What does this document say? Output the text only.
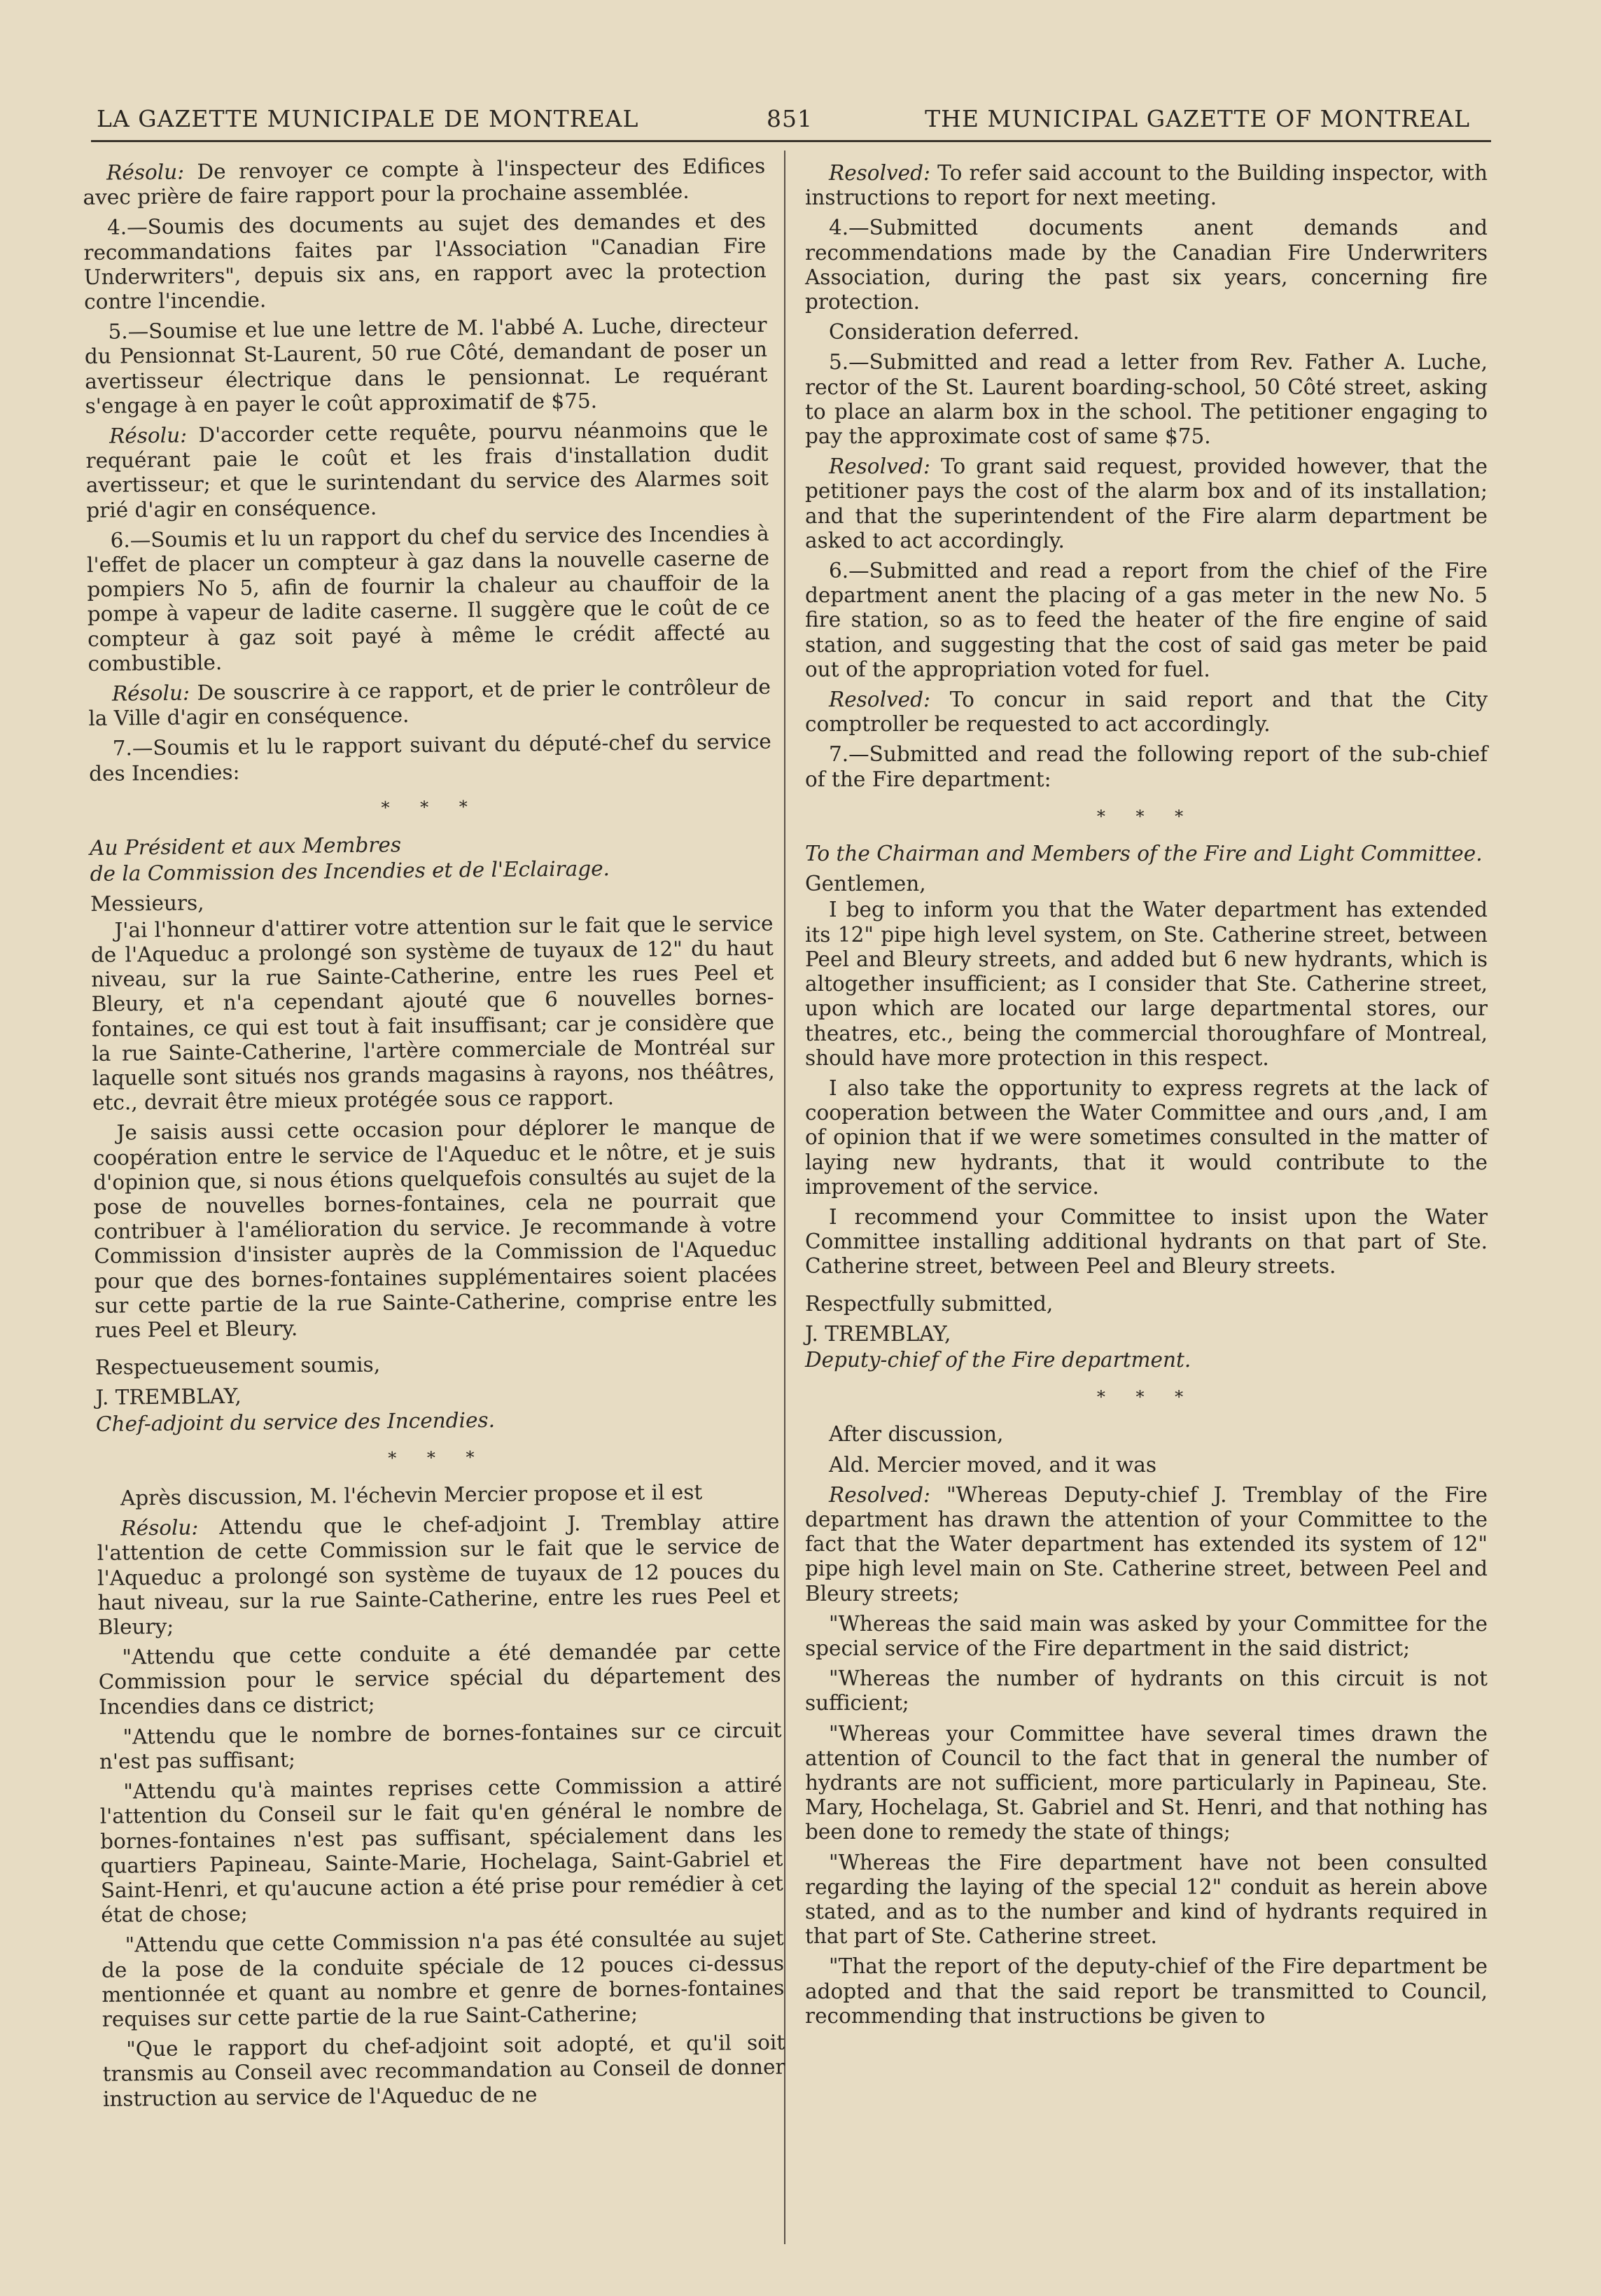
LA GAZETTE MUNICIPALE DE MONTREAL	851	THE MUNICIPAL GAZETTE OF MONTREAL

Résolu: De renvoyer ce compte à l'inspecteur des Edifices avec prière de faire rapport pour la prochaine assemblée.

4.—Soumis des documents au sujet des demandes et des recommandations faites par l'Association "Canadian Fire Underwriters", depuis six ans, en rapport avec la protection contre l'incendie.

5.—Soumise et lue une lettre de M. l'abbé A. Luche, directeur du Pensionnat St-Laurent, 50 rue Côté, demandant de poser un avertisseur électrique dans le pensionnat. Le requérant s'engage à en payer le coût approximatif de $75.

Résolu: D'accorder cette requête, pourvu néanmoins que le requérant paie le coût et les frais d'installation dudit avertisseur; et que le surintendant du service des Alarmes soit prié d'agir en conséquence.

6.—Soumis et lu un rapport du chef du service des Incendies à l'effet de placer un compteur à gaz dans la nouvelle caserne de pompiers No 5, afin de fournir la chaleur au chauffoir de la pompe à vapeur de ladite caserne. Il suggère que le coût de ce compteur à gaz soit payé à même le crédit affecté au combustible.

Résolu: De souscrire à ce rapport, et de prier le contrôleur de la Ville d'agir en conséquence.

7.—Soumis et lu le rapport suivant du député-chef du service des Incendies:

* * *

Au Président et aux Membres

de la Commission des Incendies et de l'Eclairage.

Messieurs,

J'ai l'honneur d'attirer votre attention sur le fait que le service de l'Aqueduc a prolongé son système de tuyaux de 12" du haut niveau, sur la rue Sainte-Catherine, entre les rues Peel et Bleury, et n'a cependant ajouté que 6 nouvelles bornes-fontaines, ce qui est tout à fait insuffisant; car je considère que la rue Sainte-Catherine, l'artère commerciale de Montréal sur laquelle sont situés nos grands magasins à rayons, nos théâtres, etc., devrait être mieux protégée sous ce rapport.

Je saisis aussi cette occasion pour déplorer le manque de coopération entre le service de l'Aqueduc et le nôtre, et je suis d'opinion que, si nous étions quelquefois consultés au sujet de la pose de nouvelles bornes-fontaines, cela ne pourrait que contribuer à l'amélioration du service. Je recommande à votre Commission d'insister auprès de la Commission de l'Aqueduc pour que des bornes-fontaines supplémentaires soient placées sur cette partie de la rue Sainte-Catherine, comprise entre les rues Peel et Bleury.

Respectueusement soumis,

J. TREMBLAY,

Chef-adjoint du service des Incendies.

* * *

Après discussion, M. l'échevin Mercier propose et il est

Résolu: Attendu que le chef-adjoint J. Tremblay attire l'attention de cette Commission sur le fait que le service de l'Aqueduc a prolongé son système de tuyaux de 12 pouces du haut niveau, sur la rue Sainte-Catherine, entre les rues Peel et Bleury;

"Attendu que cette conduite a été demandée par cette Commission pour le service spécial du département des Incendies dans ce district;

"Attendu que le nombre de bornes-fontaines sur ce circuit n'est pas suffisant;

"Attendu qu'à maintes reprises cette Commission a attiré l'attention du Conseil sur le fait qu'en général le nombre de bornes-fontaines n'est pas suffisant, spécialement dans les quartiers Papineau, Sainte-Marie, Hochelaga, Saint-Gabriel et Saint-Henri, et qu'aucune action a été prise pour remédier à cet état de chose;

"Attendu que cette Commission n'a pas été consultée au sujet de la pose de la conduite spéciale de 12 pouces ci-dessus mentionnée et quant au nombre et genre de bornes-fontaines requises sur cette partie de la rue Saint-Catherine;

"Que le rapport du chef-adjoint soit adopté, et qu'il soit transmis au Conseil avec recommandation au Conseil de donner instruction au service de l'Aqueduc de ne

Resolved: To refer said account to the Building inspector, with instructions to report for next meeting.

4.—Submitted documents anent demands and recommendations made by the Canadian Fire Underwriters Association, during the past six years, concerning fire protection.

Consideration deferred.

5.—Submitted and read a letter from Rev. Father A. Luche, rector of the St. Laurent boarding-school, 50 Côté street, asking to place an alarm box in the school. The petitioner engaging to pay the approximate cost of same $75.

Resolved: To grant said request, provided however, that the petitioner pays the cost of the alarm box and of its installation; and that the superintendent of the Fire alarm department be asked to act accordingly.

6.—Submitted and read a report from the chief of the Fire department anent the placing of a gas meter in the new No. 5 fire station, so as to feed the heater of the fire engine of said station, and suggesting that the cost of said gas meter be paid out of the appropriation voted for fuel.

Resolved: To concur in said report and that the City comptroller be requested to act accordingly.

7.—Submitted and read the following report of the sub-chief of the Fire department:

* * *

To the Chairman and Members of the Fire and Light Committee.

Gentlemen,

I beg to inform you that the Water department has extended its 12" pipe high level system, on Ste. Catherine street, between Peel and Bleury streets, and added but 6 new hydrants, which is altogether insufficient; as I consider that Ste. Catherine street, upon which are located our large departmental stores, our theatres, etc., being the commercial thoroughfare of Montreal, should have more protection in this respect.

I also take the opportunity to express regrets at the lack of cooperation between the Water Committee and ours ,and, I am of opinion that if we were sometimes consulted in the matter of laying new hydrants, that it would contribute to the improvement of the service.

I recommend your Committee to insist upon the Water Committee installing additional hydrants on that part of Ste. Catherine street, between Peel and Bleury streets.

Respectfully submitted,

J. TREMBLAY,

Deputy-chief of the Fire department.

* * *

After discussion,

Ald. Mercier moved, and it was

Resolved: "Whereas Deputy-chief J. Tremblay of the Fire department has drawn the attention of your Committee to the fact that the Water department has extended its system of 12" pipe high level main on Ste. Catherine street, between Peel and Bleury streets;

"Whereas the said main was asked by your Committee for the special service of the Fire department in the said district;

"Whereas the number of hydrants on this circuit is not sufficient;

"Whereas your Committee have several times drawn the attention of Council to the fact that in general the number of hydrants are not sufficient, more particularly in Papineau, Ste. Mary, Hochelaga, St. Gabriel and St. Henri, and that nothing has been done to remedy the state of things;

"Whereas the Fire department have not been consulted regarding the laying of the special 12" conduit as herein above stated, and as to the number and kind of hydrants required in that part of Ste. Catherine street.

"That the report of the deputy-chief of the Fire department be adopted and that the said report be transmitted to Council, recommending that instructions be given to
